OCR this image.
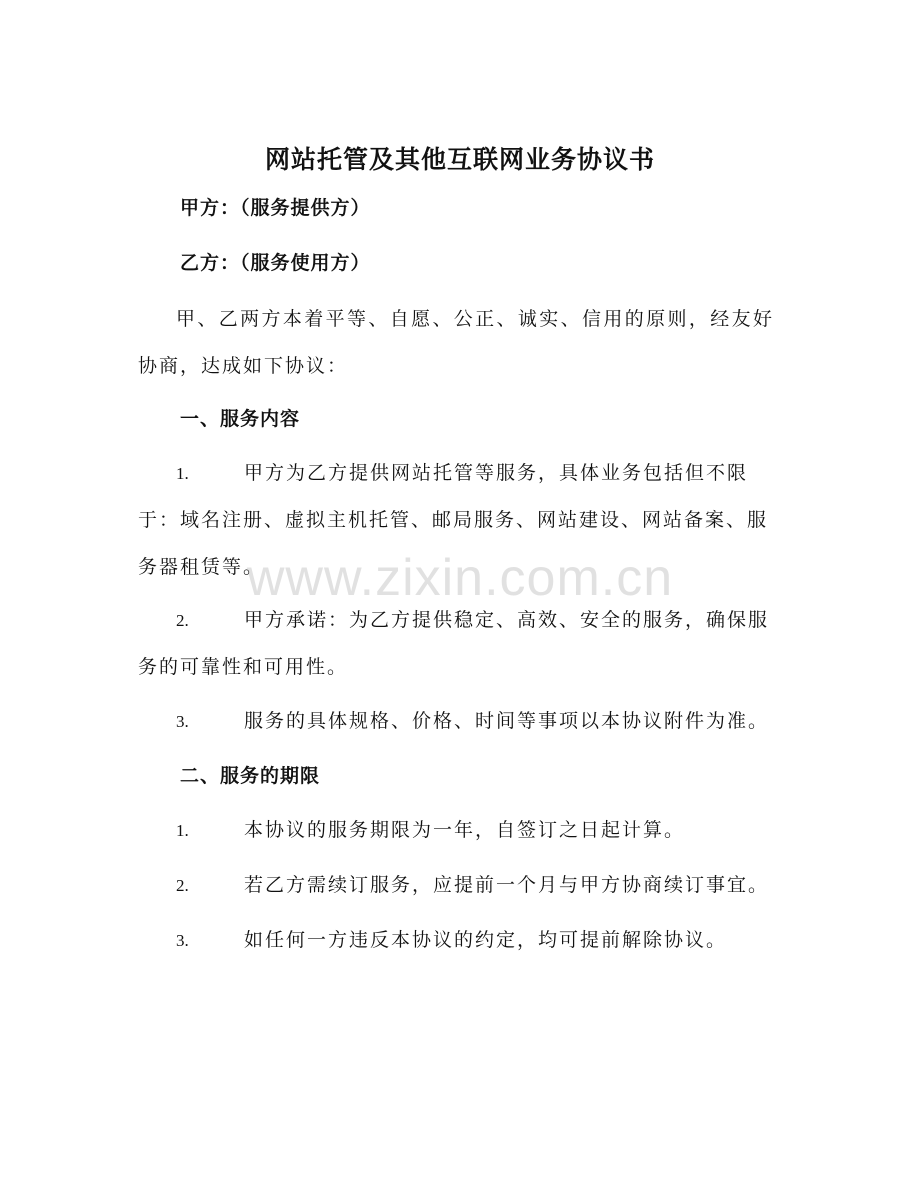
网站托管及其他互联网业务协议书
甲方：（服务提供方）
乙方：（服务使用方）
甲、乙两方本着平等、自愿、公正、诚实、信用的原则，经友好协商，达成如下协议：
一、服务内容
1.	甲方为乙方提供网站托管等服务，具体业务包括但不限于：域名注册、虚拟主机托管、邮局服务、网站建设、网站备案、服务器租赁等。
2.	甲方承诺：为乙方提供稳定、高效、安全的服务，确保服务的可靠性和可用性。
3.	服务的具体规格、价格、时间等事项以本协议附件为准。
二、服务的期限
1.	本协议的服务期限为一年，自签订之日起计算。
2.	若乙方需续订服务，应提前一个月与甲方协商续订事宜。
3.	如任何一方违反本协议的约定，均可提前解除协议。
www.zixin.com.cn
